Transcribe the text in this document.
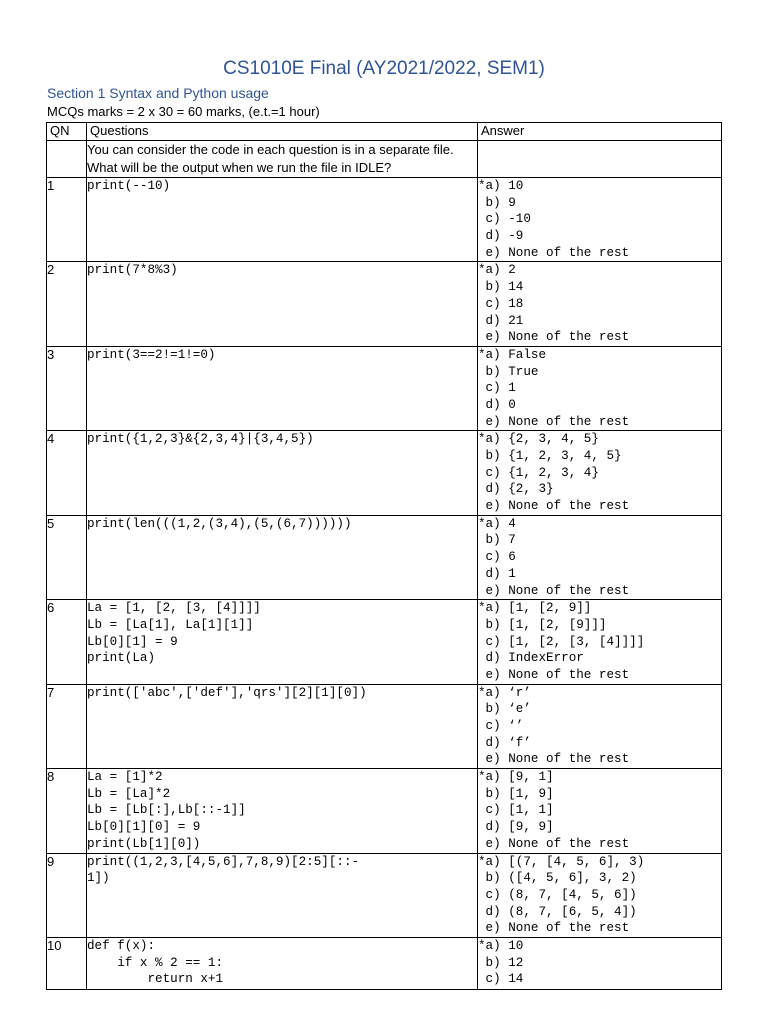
CS1010E Final (AY2021/2022, SEM1)
Section 1 Syntax and Python usage
MCQs marks = 2 x 30 = 60 marks, (e.t.=1 hour)
QN	Questions	Answer
	You can consider the code in each question is in a separate file. What will be the output when we run the file in IDLE?	
1	print(--10)	*a) 10
b) 9
c) -10
d) -9
e) None of the rest

2	print(7*8%3)	*a) 2
b) 14
c) 18
d) 21
e) None of the rest

3	print(3==2!=1!=0)	*a) False
b) True
c) 1
d) 0
e) None of the rest

4	print({1,2,3}&{2,3,4}|{3,4,5})	*a) {2, 3, 4, 5}
b) {1, 2, 3, 4, 5}
c) {1, 2, 3, 4}
d) {2, 3}
e) None of the rest

5	print(len(((1,2,(3,4),(5,(6,7))))))	*a) 4
b) 7
c) 6
d) 1
e) None of the rest

6	La = [1, [2, [3, [4]]]]
Lb = [La[1], La[1][1]]
Lb[0][1] = 9
print(La)	*a) [1, [2, 9]]
b) [1, [2, [9]]]
c) [1, [2, [3, [4]]]]
d) IndexError
e) None of the rest

7	print(['abc',['def'],'qrs'][2][1][0])	*a) ‘r’
b) ‘e’
c) ‘’
d) ‘f’
e) None of the rest

8	La = [1]*2
Lb = [La]*2
Lb = [Lb[:],Lb[::-1]]
Lb[0][1][0] = 9
print(Lb[1][0])	*a) [9, 1]
b) [1, 9]
c) [1, 1]
d) [9, 9]
e) None of the rest

9	print((1,2,3,[4,5,6],7,8,9)[2:5][::-
1])	*a) [(7, [4, 5, 6], 3)
b) ([4, 5, 6], 3, 2)
c) (8, 7, [4, 5, 6])
d) (8, 7, [6, 5, 4])
e) None of the rest

10	def f(x):
if x % 2 == 1:
return x+1	*a) 10
b) 12
c) 14
